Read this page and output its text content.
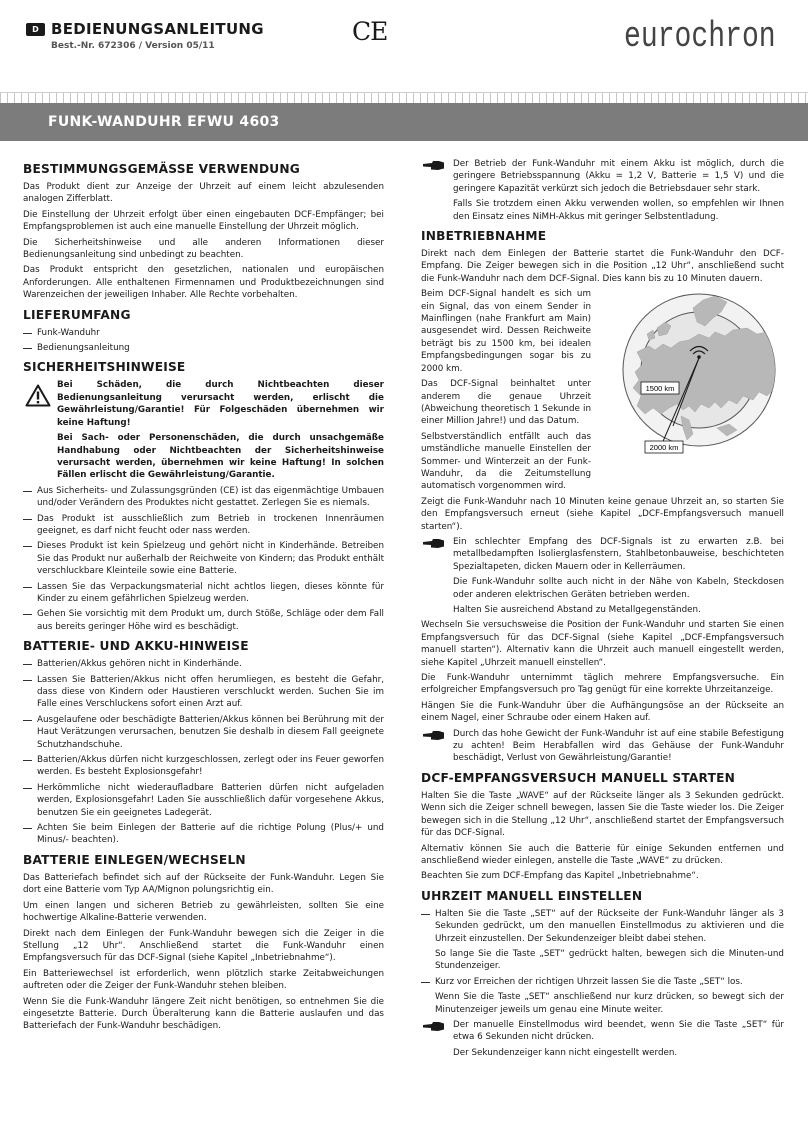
D BEDIENUNGSANLEITUNG
Best.-Nr. 672306 / Version 05/11	CE	eurochron
FUNK-WANDUHR EFWU 4603
BESTIMMUNGSGEMÄSSE VERWENDUNG

Das Produkt dient zur Anzeige der Uhrzeit auf einem leicht abzulesenden analogen Zifferblatt.

Die Einstellung der Uhrzeit erfolgt über einen eingebauten DCF-Empfänger; bei Empfangsproblemen ist auch eine manuelle Einstellung der Uhrzeit möglich.

Die Sicherheitshinweise und alle anderen Informationen dieser Bedienungsanleitung sind unbedingt zu beachten.

Das Produkt entspricht den gesetzlichen, nationalen und europäischen Anforderungen. Alle enthaltenen Firmennamen und Produktbezeichnungen sind Warenzeichen der jeweiligen Inhaber. Alle Rechte vorbehalten.

LIEFERUMFANG
Funk-Wanduhr
Bedienungsanleitung
SICHERHEITSHINWEISE

Bei Schäden, die durch Nichtbeachten dieser Bedienungsanleitung verursacht werden, erlischt die Gewährleistung/Garantie! Für Folgeschäden übernehmen wir keine Haftung!

Bei Sach- oder Personenschäden, die durch unsachgemäße Handhabung oder Nichtbeachten der Sicherheitshinweise verursacht werden, übernehmen wir keine Haftung! In solchen Fällen erlischt die Gewährleistung/Garantie.

Aus Sicherheits- und Zulassungsgründen (CE) ist das eigenmächtige Umbauen und/oder Verändern des Produktes nicht gestattet. Zerlegen Sie es niemals.
Das Produkt ist ausschließlich zum Betrieb in trockenen Innenräumen geeignet, es darf nicht feucht oder nass werden.
Dieses Produkt ist kein Spielzeug und gehört nicht in Kinderhände. Betreiben Sie das Produkt nur außerhalb der Reichweite von Kindern; das Produkt enthält verschluckbare Kleinteile sowie eine Batterie.
Lassen Sie das Verpackungsmaterial nicht achtlos liegen, dieses könnte für Kinder zu einem gefährlichen Spielzeug werden.
Gehen Sie vorsichtig mit dem Produkt um, durch Stöße, Schläge oder dem Fall aus bereits geringer Höhe wird es beschädigt.
BATTERIE- UND AKKU-HINWEISE
Batterien/Akkus gehören nicht in Kinderhände.
Lassen Sie Batterien/Akkus nicht offen herumliegen, es besteht die Gefahr, dass diese von Kindern oder Haustieren verschluckt werden. Suchen Sie im Falle eines Verschluckens sofort einen Arzt auf.
Ausgelaufene oder beschädigte Batterien/Akkus können bei Berührung mit der Haut Verätzungen verursachen, benutzen Sie deshalb in diesem Fall geeignete Schutzhandschuhe.
Batterien/Akkus dürfen nicht kurzgeschlossen, zerlegt oder ins Feuer geworfen werden. Es besteht Explosionsgefahr!
Herkömmliche nicht wiederaufladbare Batterien dürfen nicht aufgeladen werden, Explosionsgefahr! Laden Sie ausschließlich dafür vorgesehene Akkus, benutzen Sie ein geeignetes Ladegerät.
Achten Sie beim Einlegen der Batterie auf die richtige Polung (Plus/+ und Minus/- beachten).
BATTERIE EINLEGEN/WECHSELN

Das Batteriefach befindet sich auf der Rückseite der Funk-Wanduhr. Legen Sie dort eine Batterie vom Typ AA/Mignon polungsrichtig ein.

Um einen langen und sicheren Betrieb zu gewährleisten, sollten Sie eine hochwertige Alkaline-Batterie verwenden.

Direkt nach dem Einlegen der Funk-Wanduhr bewegen sich die Zeiger in die Stellung „12 Uhr“. Anschließend startet die Funk-Wanduhr einen Empfangsversuch für das DCF-Signal (siehe Kapitel „Inbetriebnahme“).

Ein Batteriewechsel ist erforderlich, wenn plötzlich starke Zeitabweichungen auftreten oder die Zeiger der Funk-Wanduhr stehen bleiben.

Wenn Sie die Funk-Wanduhr längere Zeit nicht benötigen, so entnehmen Sie die eingesetzte Batterie. Durch Überalterung kann die Batterie auslaufen und das Batteriefach der Funk-Wanduhr beschädigen.

Der Betrieb der Funk-Wanduhr mit einem Akku ist möglich, durch die geringere Betriebsspannung (Akku = 1,2 V, Batterie = 1,5 V) und die geringere Kapazität verkürzt sich jedoch die Betriebsdauer sehr stark.

Falls Sie trotzdem einen Akku verwenden wollen, so empfehlen wir Ihnen den Einsatz eines NiMH-Akkus mit geringer Selbstentladung.

INBETRIEBNAHME

Direkt nach dem Einlegen der Batterie startet die Funk-Wanduhr den DCF-Empfang. Die Zeiger bewegen sich in die Position „12 Uhr“, anschließend sucht die Funk-Wanduhr nach dem DCF-Signal. Dies kann bis zu 10 Minuten dauern.

Beim DCF-Signal handelt es sich um ein Signal, das von einem Sender in Mainflingen (nahe Frankfurt am Main) ausgesendet wird. Dessen Reichweite beträgt bis zu 1500 km, bei idealen Empfangsbedingungen sogar bis zu 2000 km.

Das DCF-Signal beinhaltet unter anderem die genaue Uhrzeit (Abweichung theoretisch 1 Sekunde in einer Million Jahre!) und das Datum.

Selbstverständlich entfällt auch das umständliche manuelle Einstellen der Sommer- und Winterzeit an der Funk-Wanduhr, da die Zeitumstellung automatisch vorgenommen wird.

1500 km
2000 km

Zeigt die Funk-Wanduhr nach 10 Minuten keine genaue Uhrzeit an, so starten Sie den Empfangsversuch erneut (siehe Kapitel „DCF-Empfangsversuch manuell starten“).

Ein schlechter Empfang des DCF-Signals ist zu erwarten z.B. bei metallbedampften Isolierglasfenstern, Stahlbetonbauweise, beschichteten Spezialtapeten, dicken Mauern oder in Kellerräumen.

Die Funk-Wanduhr sollte auch nicht in der Nähe von Kabeln, Steckdosen oder anderen elektrischen Geräten betrieben werden.

Halten Sie ausreichend Abstand zu Metallgegenständen.

Wechseln Sie versuchsweise die Position der Funk-Wanduhr und starten Sie einen Empfangsversuch für das DCF-Signal (siehe Kapitel „DCF-Empfangsversuch manuell starten“). Alternativ kann die Uhrzeit auch manuell eingestellt werden, siehe Kapitel „Uhrzeit manuell einstellen“.

Die Funk-Wanduhr unternimmt täglich mehrere Empfangsversuche. Ein erfolgreicher Empfangsversuch pro Tag genügt für eine korrekte Uhrzeitanzeige.

Hängen Sie die Funk-Wanduhr über die Aufhängungsöse an der Rückseite an einem Nagel, einer Schraube oder einem Haken auf.

Durch das hohe Gewicht der Funk-Wanduhr ist auf eine stabile Befestigung zu achten! Beim Herabfallen wird das Gehäuse der Funk-Wanduhr beschädigt, Verlust von Gewährleistung/Garantie!

DCF-EMPFANGSVERSUCH MANUELL STARTEN

Halten Sie die Taste „WAVE“ auf der Rückseite länger als 3 Sekunden gedrückt. Wenn sich die Zeiger schnell bewegen, lassen Sie die Taste wieder los. Die Zeiger bewegen sich in die Stellung „12 Uhr“, anschließend startet der Empfangsversuch für das DCF-Signal.

Alternativ können Sie auch die Batterie für einige Sekunden entfernen und anschließend wieder einlegen, anstelle die Taste „WAVE“ zu drücken.

Beachten Sie zum DCF-Empfang das Kapitel „Inbetriebnahme“.

UHRZEIT MANUELL EINSTELLEN

Halten Sie die Taste „SET“ auf der Rückseite der Funk-Wanduhr länger als 3 Sekunden gedrückt, um den manuellen Einstellmodus zu aktivieren und die Uhrzeit einzustellen. Der Sekundenzeiger bleibt dabei stehen.

So lange Sie die Taste „SET“ gedrückt halten, bewegen sich die Minuten-und Stundenzeiger.

Kurz vor Erreichen der richtigen Uhrzeit lassen Sie die Taste „SET“ los.

Wenn Sie die Taste „SET“ anschließend nur kurz drücken, so bewegt sich der Minutenzeiger jeweils um genau eine Minute weiter.

Der manuelle Einstellmodus wird beendet, wenn Sie die Taste „SET“ für etwa 6 Sekunden nicht drücken.

Der Sekundenzeiger kann nicht eingestellt werden.
